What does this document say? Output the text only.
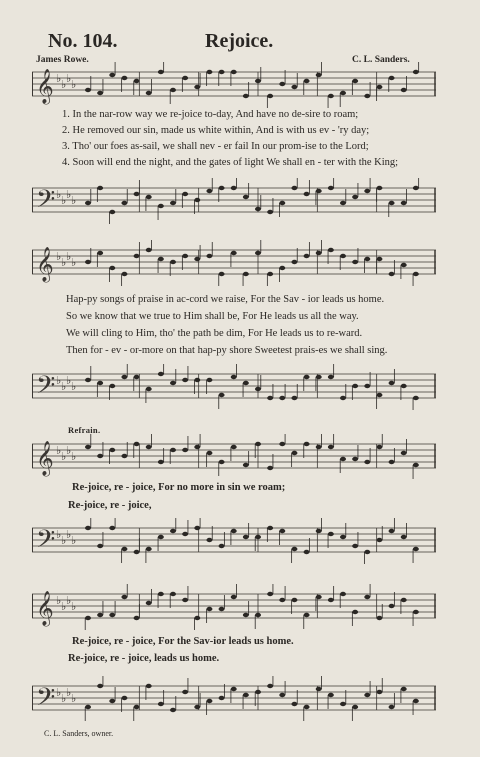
No. 104.	Rejoice.
James Rowe.	C. L. Sanders.
𝄞 ♭ ♭ ♭ ♭
1. In the nar-row way we re-joice to-day, And have no de-sire to roam;
2. He removed our sin, made us white within, And is with us ev - 'ry day;
3. Tho' our foes as-sail, we shall nev - er fail In our prom-ise to the Lord;
4. Soon will end the night, and the gates of light We shall en - ter with the King;
𝄢 ♭ ♭ ♭ ♭
𝄞 ♭ ♭ ♭ ♭
Hap-py songs of praise in ac-cord we raise, For the Sav - ior leads us home.
So we know that we true to Him shall be, For He leads us all the way.
We will cling to Him, tho' the path be dim, For He leads us to re-ward.
Then for - ev - or-more on that hap-py shore Sweetest prais-es we shall sing.
𝄢 ♭ ♭ ♭ ♭
Refrain.
𝄞 ♭ ♭ ♭ ♭
Re-joice, re - joice, For no more in sin we roam;
Re-joice, re - joice,
𝄢 ♭ ♭ ♭ ♭
𝄞 ♭ ♭ ♭ ♭
Re-joice, re - joice, For the Sav-ior leads us home.
Re-joice, re - joice, leads us home.
𝄢 ♭ ♭ ♭ ♭
C. L. Sanders, owner.
